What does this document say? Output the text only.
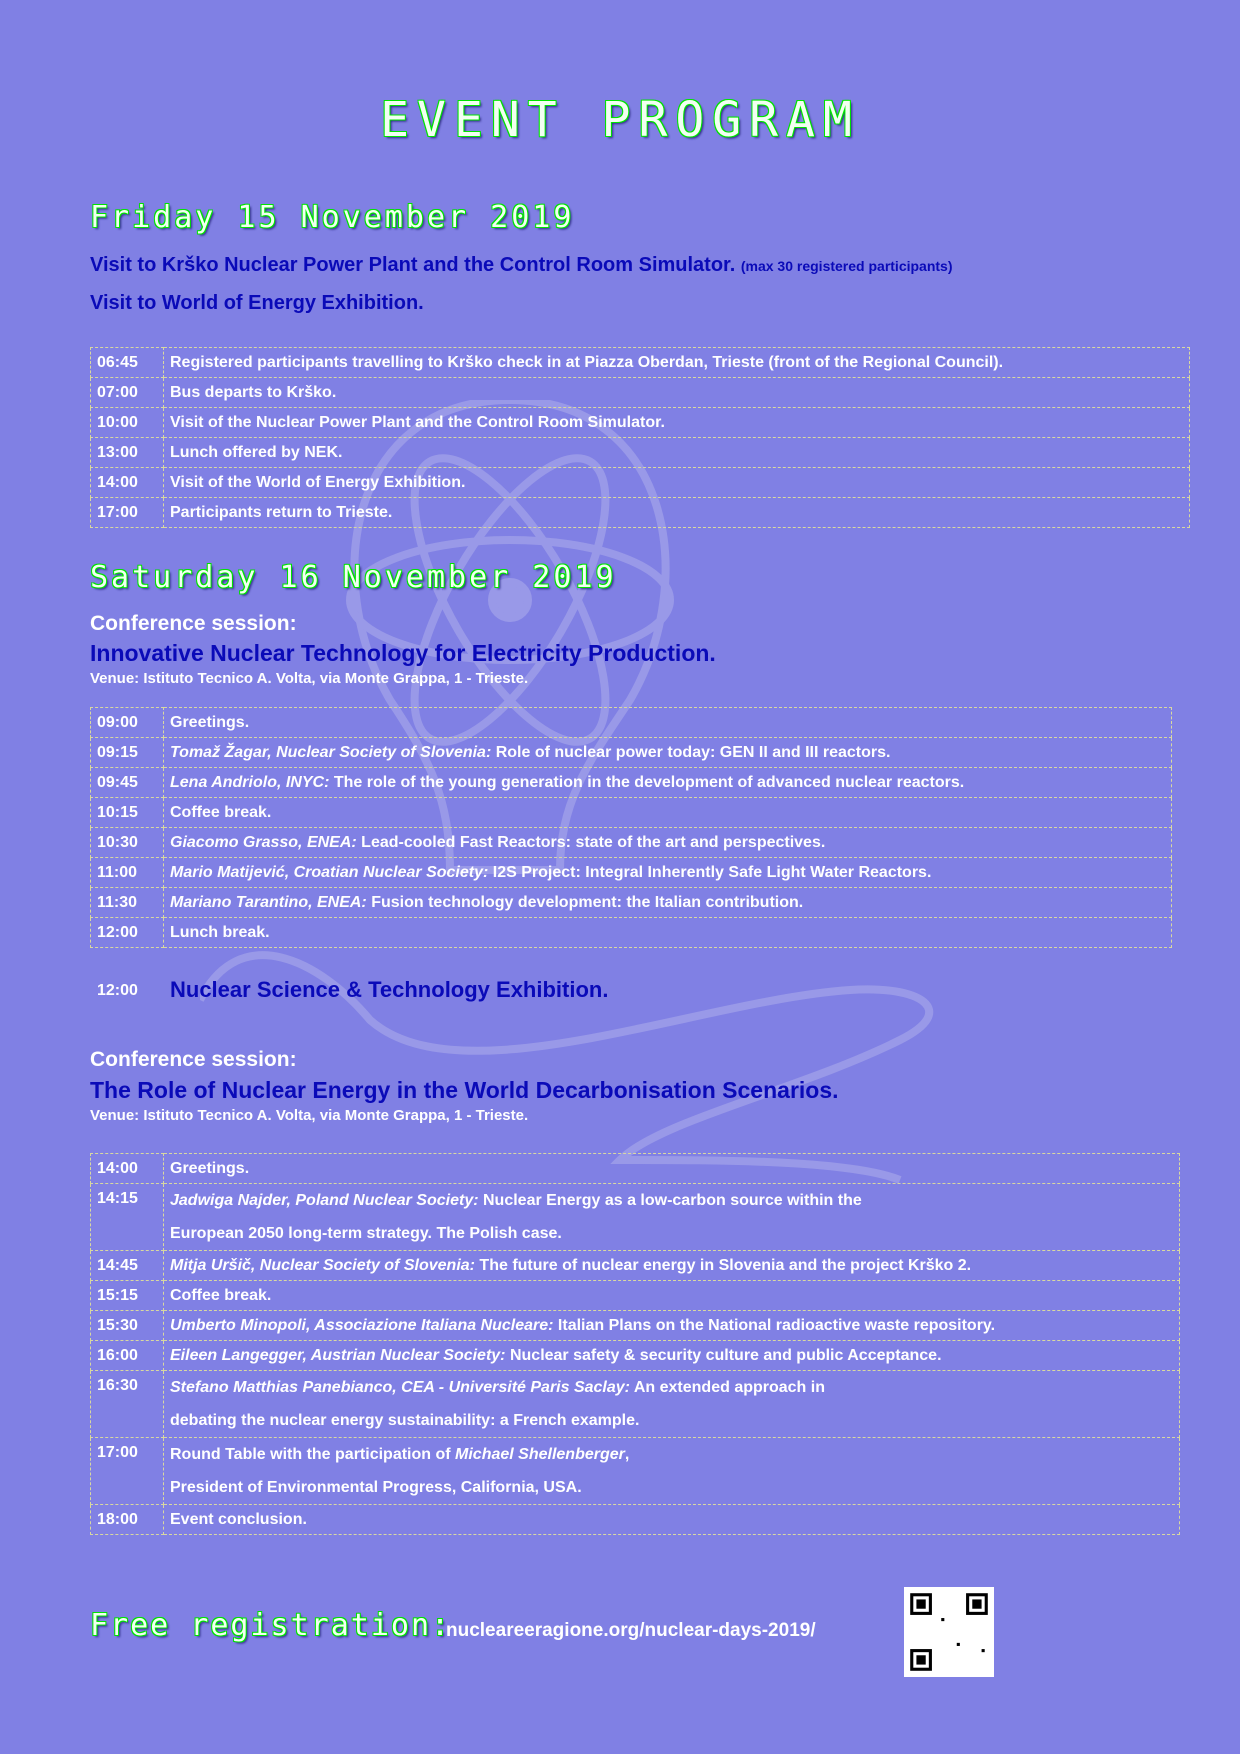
EVENT PROGRAM
Friday 15 November 2019
Visit to Krško Nuclear Power Plant and the Control Room Simulator. (max 30 registered participants)
Visit to World of Energy Exhibition.
06:45	Registered participants travelling to Krško check in at Piazza Oberdan, Trieste (front of the Regional Council).
07:00	Bus departs to Krško.
10:00	Visit of the Nuclear Power Plant and the Control Room Simulator.
13:00	Lunch offered by NEK.
14:00	Visit of the World of Energy Exhibition.
17:00	Participants return to Trieste.
Saturday 16 November 2019
Conference session:
Innovative Nuclear Technology for Electricity Production.
Venue: Istituto Tecnico A. Volta, via Monte Grappa, 1 - Trieste.
09:00	Greetings.
09:15	Tomaž Žagar, Nuclear Society of Slovenia: Role of nuclear power today: GEN II and III reactors.
09:45	Lena Andriolo, INYC: The role of the young generation in the development of advanced nuclear reactors.
10:15	Coffee break.
10:30	Giacomo Grasso, ENEA: Lead-cooled Fast Reactors: state of the art and perspectives.
11:00	Mario Matijević, Croatian Nuclear Society: I2S Project: Integral Inherently Safe Light Water Reactors.
11:30	Mariano Tarantino, ENEA: Fusion technology development: the Italian contribution.
12:00	Lunch break.
12:00 Nuclear Science & Technology Exhibition.
Conference session:
The Role of Nuclear Energy in the World Decarbonisation Scenarios.
Venue: Istituto Tecnico A. Volta, via Monte Grappa, 1 - Trieste.
14:00	Greetings.
14:15	Jadwiga Najder, Poland Nuclear Society: Nuclear Energy as a low-carbon source within the
European 2050 long-term strategy. The Polish case.
14:45	Mitja Uršič, Nuclear Society of Slovenia: The future of nuclear energy in Slovenia and the project Krško 2.
15:15	Coffee break.
15:30	Umberto Minopoli, Associazione Italiana Nucleare: Italian Plans on the National radioactive waste repository.
16:00	Eileen Langegger, Austrian Nuclear Society: Nuclear safety & security culture and public Acceptance.
16:30	Stefano Matthias Panebianco, CEA - Université Paris Saclay: An extended approach in
debating the nuclear energy sustainability: a French example.
17:00	Round Table with the participation of Michael Shellenberger,
President of Environmental Progress, California, USA.
18:00	Event conclusion.
Free registration:
nucleareeragione.org/nuclear-days-2019/
